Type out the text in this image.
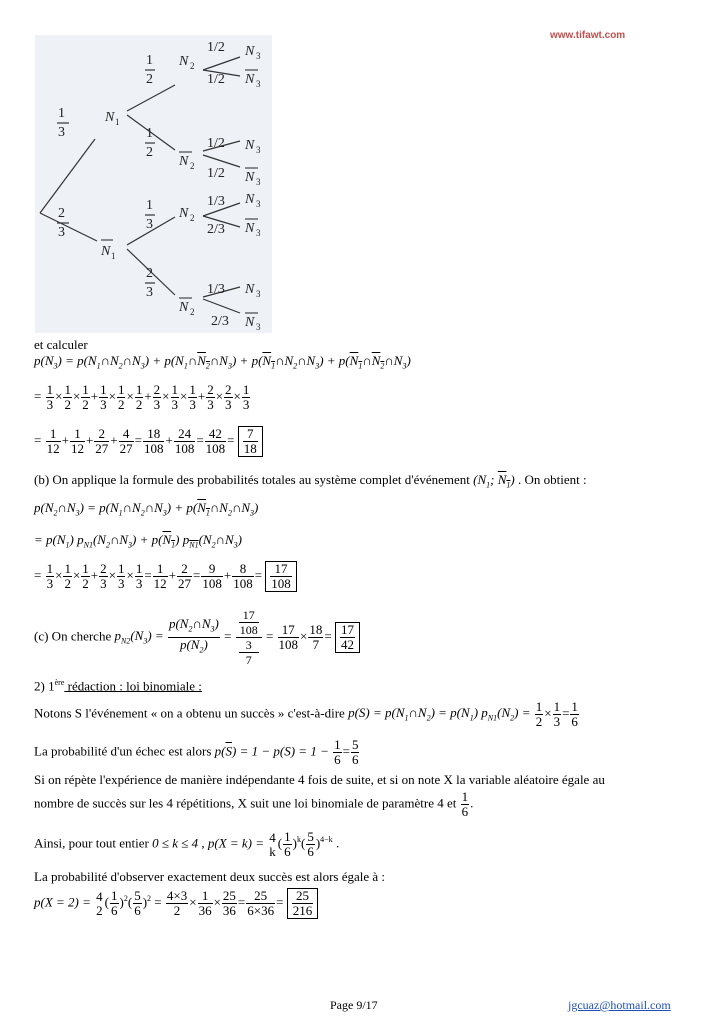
www.tifawt.com
1
3
2
3
N 1
N 1
1
2
1
2
1
3
2
3
N 2
N 2
N 2
N 2
1/2
1/2
1/2
1/2
1/3
2/3
1/3
2/3
N 3
N 3
N 3
N 3
N 3
N 3
N 3
N 3
et calculer
$p(N_3)$ = $p(N_1\cap N_2\cap N_3)$ + $p(N_1\cap N_2\cap N_3)$ + $p(N_1\cap N_2\cap N_3)$ + $p(N_1\cap N_2\cap N_3)$
= $\frac{1}{3} \times \frac{1}{2} \times \frac{1}{2} + \frac{1}{3} \times \frac{1}{2} \times \frac{1}{2} + \frac{2}{3} \times \frac{1}{3} \times \frac{1}{3} + \frac{2}{3} \times \frac{2}{3} \times \frac{1}{3}$
= $\frac{1}{12} + \frac{1}{12} + \frac{2}{27} + \frac{4}{27} = \frac{18}{108} + \frac{24}{108} = \frac{42}{108} = \frac{7}{18}$
(b) On applique la formule des probabilités totales au système complet d'événement ($N_1$; $N_1$) . On obtient :
$p(N_2\cap N_3)$ = $p(N_1\cap N_2\cap N_3)$ + $p(N_1\cap N_2\cap N_3)$
= $p(N_1)$ $p_{N1}(N_2\cap N_3) + p(N_1)$ $p_{N1}(N_2\cap N_3)$
= $\frac{1}{3} \times \frac{1}{2} \times \frac{1}{2} + \frac{2}{3} \times \frac{1}{3} \times \frac{1}{3} = \frac{1}{12} + \frac{2}{27} = \frac{9}{108} + \frac{8}{108} = \frac{17}{108}$
(c) On cherche $p_{N2}(N_3) = \frac{p(N_2\cap N_3)}{p(N_2)} = 17$
108
3
$7 = \frac{17}{108} \times \frac{18}{7} = \frac{17}{42}$
2) 1ère rédaction : loi binomiale :
Notons S l'événement « on a obtenu un succès » c'est-à-dire $p(S) = p(N_1\cap N_2) = p(N_1) p_{N1}(N_2) = \frac{1}{2} \times \frac{1}{3} = \frac{1}{6}$
La probabilité d'un échec est alors $p(\overline{S}) = 1 - p(S) = 1 - \frac{1}{6} = \frac{5}{6}$
Si on répète l'expérience de manière indépendante 4 fois de suite, et si on note X la variable aléatoire égale au
nombre de succès sur les 4 répétitions, X suit une loi binomiale de paramètre 4 et $\frac{1}{6}$ .
Ainsi, pour tout entier 0 ≤ k ≤ 4 , p(X = k) = 4
k
( $\frac{1}{6} )^k( \frac{5}{6} )^{4-k}$ .
La probabilité d'observer exactement deux succès est alors égale à :
p(X = 2) = 4
2
( $\frac{1}{6} )^2( \frac{5}{6} )^2 = \frac{4\times 3}{2} \times \frac{1}{36} \times \frac{25}{36} = \frac{25}{6\times 36} = \frac{25}{216}$
Page 9/17	jgcuaz@hotmail.com
